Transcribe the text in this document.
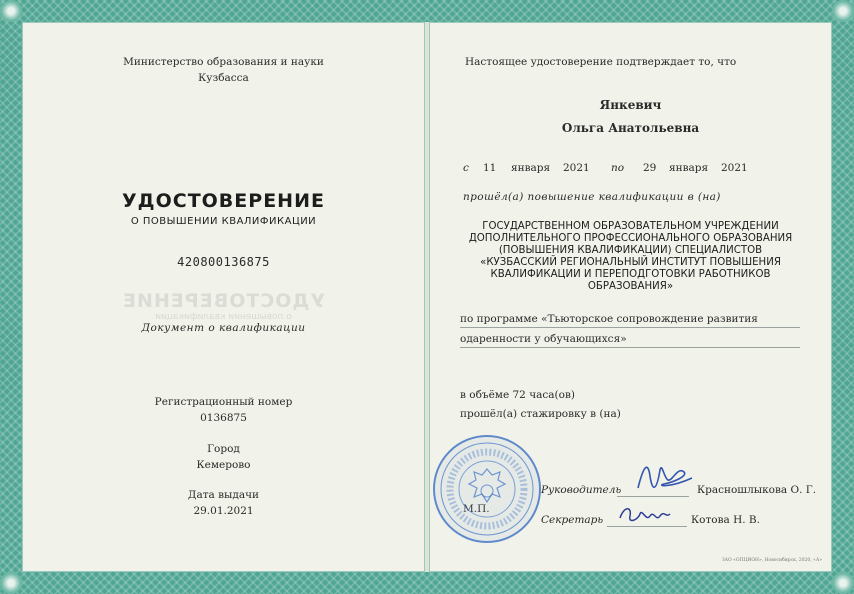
Министерство образования и науки
Кузбасса
УДОСТОВЕРЕНИЕ
О ПОВЫШЕНИИ КВАЛИФИКАЦИИ
420800136875
УДОСТОВЕРЕНИЕ
о повышении квалификации
Документ о квалификации
Регистрационный номер
0136875
Город
Кемерово
Дата выдачи
29.01.2021
Настоящее удостоверение подтверждает то, что
Янкевич
Ольга Анатольевна
с 11 января 2021 по 29 января 2021
прошёл(а) повышение квалификации в (на)
ГОСУДАРСТВЕННОМ ОБРАЗОВАТЕЛЬНОМ УЧРЕЖДЕНИИ
ДОПОЛНИТЕЛЬНОГО ПРОФЕССИОНАЛЬНОГО ОБРАЗОВАНИЯ
(ПОВЫШЕНИЯ КВАЛИФИКАЦИИ) СПЕЦИАЛИСТОВ
«КУЗБАССКИЙ РЕГИОНАЛЬНЫЙ ИНСТИТУТ ПОВЫШЕНИЯ
КВАЛИФИКАЦИИ И ПЕРЕПОДГОТОВКИ РАБОТНИКОВ
ОБРАЗОВАНИЯ»
по программе «Тьюторское сопровождение развития
одаренности у обучающихся»
в объёме 72 часа(ов)
прошёл(а) стажировку в (на)
Руководитель	Красношлыкова О. Г.
Секретарь	Котова Н. В.
ЗАО «ОПЦИОН», Новосибирск, 2020, «А»
